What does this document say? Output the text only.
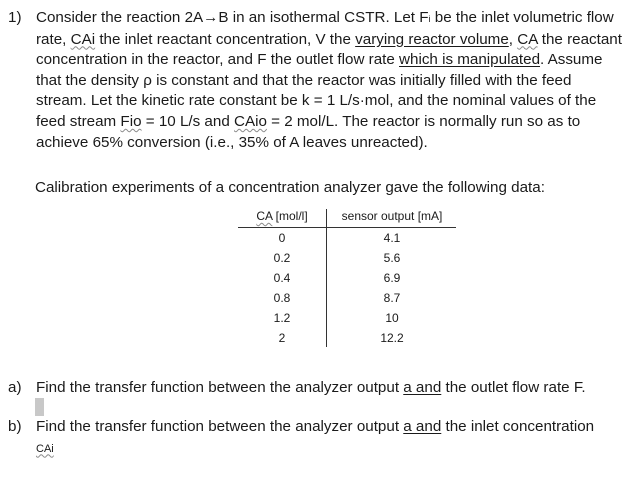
1) Consider the reaction 2A→B in an isothermal CSTR. Let Fi be the inlet volumetric flow rate, CAi the inlet reactant concentration, V the varying reactor volume, CA the reactant concentration in the reactor, and F the outlet flow rate which is manipulated. Assume that the density ρ is constant and that the reactor was initially filled with the feed stream. Let the kinetic rate constant be k = 1 L/s·mol, and the nominal values of the feed stream Fio = 10 L/s and CAio = 2 mol/L. The reactor is normally run so as to achieve 65% conversion (i.e., 35% of A leaves unreacted).
Calibration experiments of a concentration analyzer gave the following data:
CA [mol/l]	sensor output [mA]
0	4.1
0.2	5.6
0.4	6.9
0.8	8.7
1.2	10
2	12.2
a) Find the transfer function between the analyzer output a and the outlet flow rate F.
b) Find the transfer function between the analyzer output a and the inlet concentration
CAi
